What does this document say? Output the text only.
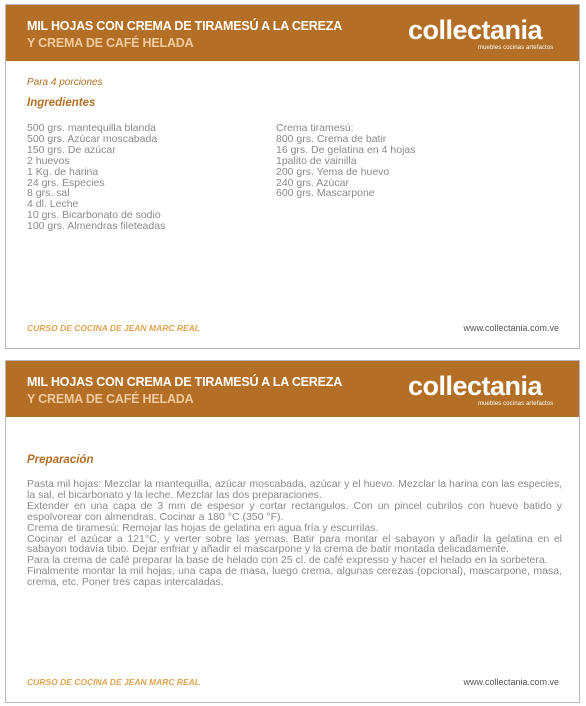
MIL HOJAS CON CREMA DE TIRAMESÚ A LA CEREZA
Y CREMA DE CAFÉ HELADA	collectania
muebles cocinas artefactos
Para 4 porciones
Ingredientes
500 grs. mantequilla blanda
500 grs. Azúcar moscabada
150 grs. De azúcar
2 huevos
1 Kg. de harina
24 grs. Especies
8 grs. sal
4 dl. Leche
10 grs. Bicarbonato de sodio
100 grs. Almendras fileteadas
Crema tiramesú:
800 grs. Crema de batir
16 grs. De gelatina en 4 hojas
1palito de vainilla
200 grs. Yema de huevo
240 grs. Azúcar
600 grs. Mascarpone
CURSO DE COCINA DE JEAN MARC REAL	www.collectania.com.ve
MIL HOJAS CON CREMA DE TIRAMESÚ A LA CEREZA
Y CREMA DE CAFÉ HELADA	collectania
muebles cocinas artefactos
Preparación
Pasta mil hojas: Mezclar la mantequilla, azúcar moscabada, azúcar y el huevo. Mezclar la harina con las especies, la sal, el bicarbonato y la leche. Mezclar las dos preparaciones.
Extender en una capa de 3 mm de espesor y cortar rectangulos. Con un pincel cubrilos con huevo batido y espolvorear con almendras. Cocinar a 180 °C (350 °F).
Crema de tiramesú: Remojar las hojas de gelatina en agua fría y escurrilas.
Cocinar el azúcar a 121°C, y verter sobre las yemas. Batir para montar el sabayon y añadir la gelatina en el sabayon todavía tibio. Dejar enfriar y añadir el mascarpone y la crema de batir montada delicadamente.
Para la crema de café preparar la base de helado con 25 cl. de café expresso y hacer el helado en la sorbetera.
Finalmente montar la mil hojas, una capa de masa, luego crema, algunas cerezas (opcional), mascarpone, masa, crema, etc. Poner tres capas intercaladas.
CURSO DE COCINA DE JEAN MARC REAL	www.collectania.com.ve
